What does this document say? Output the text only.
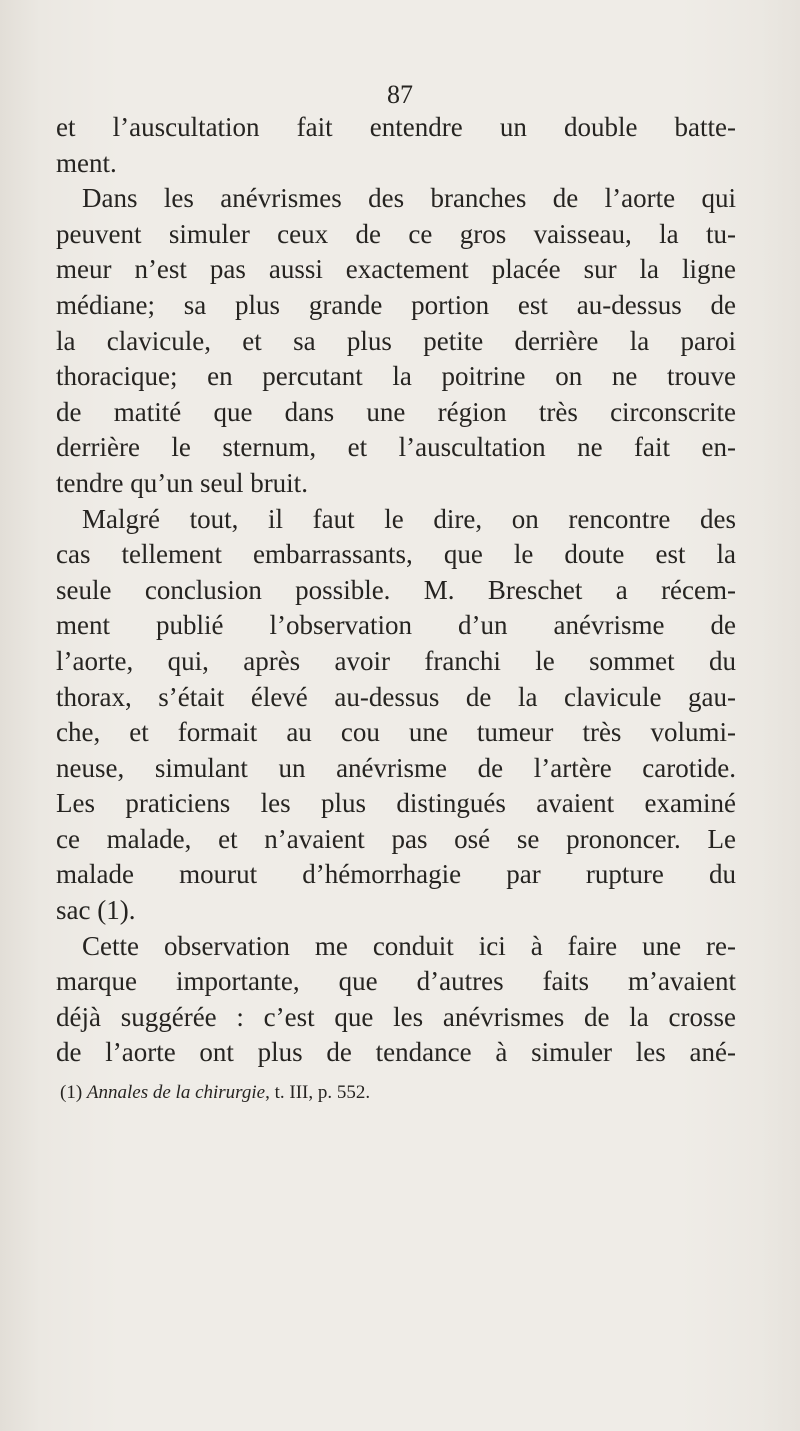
87
et l’auscultation fait entendre un double batte-
ment.
Dans les anévrismes des branches de l’aorte qui
peuvent simuler ceux de ce gros vaisseau, la tu-
meur n’est pas aussi exactement placée sur la ligne
médiane; sa plus grande portion est au-dessus de
la clavicule, et sa plus petite derrière la paroi
thoracique; en percutant la poitrine on ne trouve
de matité que dans une région très circonscrite
derrière le sternum, et l’auscultation ne fait en-
tendre qu’un seul bruit.
Malgré tout, il faut le dire, on rencontre des
cas tellement embarrassants, que le doute est la
seule conclusion possible. M. Breschet a récem-
ment publié l’observation d’un anévrisme de
l’aorte, qui, après avoir franchi le sommet du
thorax, s’était élevé au-dessus de la clavicule gau-
che, et formait au cou une tumeur très volumi-
neuse, simulant un anévrisme de l’artère carotide.
Les praticiens les plus distingués avaient examiné
ce malade, et n’avaient pas osé se prononcer. Le
malade mourut d’hémorrhagie par rupture du
sac (1).
Cette observation me conduit ici à faire une re-
marque importante, que d’autres faits m’avaient
déjà suggérée : c’est que les anévrismes de la crosse
de l’aorte ont plus de tendance à simuler les ané-
(1) Annales de la chirurgie, t. III, p. 552.
